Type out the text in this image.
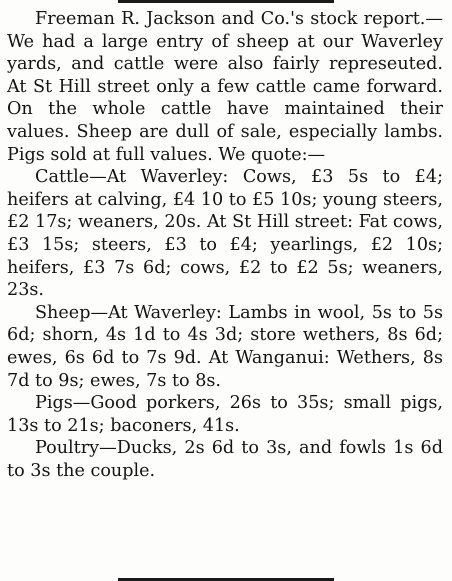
Freeman R. Jackson and Co.'s stock report.—We had a large entry of sheep at our Waverley yards, and cattle were also fairly represeuted. At St Hill street only a few cattle came forward. On the whole cattle have maintained their values. Sheep are dull of sale, especially lambs. Pigs sold at full values. We quote:—

Cattle—At Waverley: Cows, £3 5s to £4; heifers at calving, £4 10 to £5 10s; young steers, £2 17s; weaners, 20s. At St Hill street: Fat cows, £3 15s; steers, £3 to £4; yearlings, £2 10s; heifers, £3 7s 6d; cows, £2 to £2 5s; weaners, 23s.

Sheep—At Waverley: Lambs in wool, 5s to 5s 6d; shorn, 4s 1d to 4s 3d; store wethers, 8s 6d; ewes, 6s 6d to 7s 9d. At Wanganui: Wethers, 8s 7d to 9s; ewes, 7s to 8s.

Pigs—Good porkers, 26s to 35s; small pigs, 13s to 21s; baconers, 41s.

Poultry—Ducks, 2s 6d to 3s, and fowls 1s 6d to 3s the couple.
